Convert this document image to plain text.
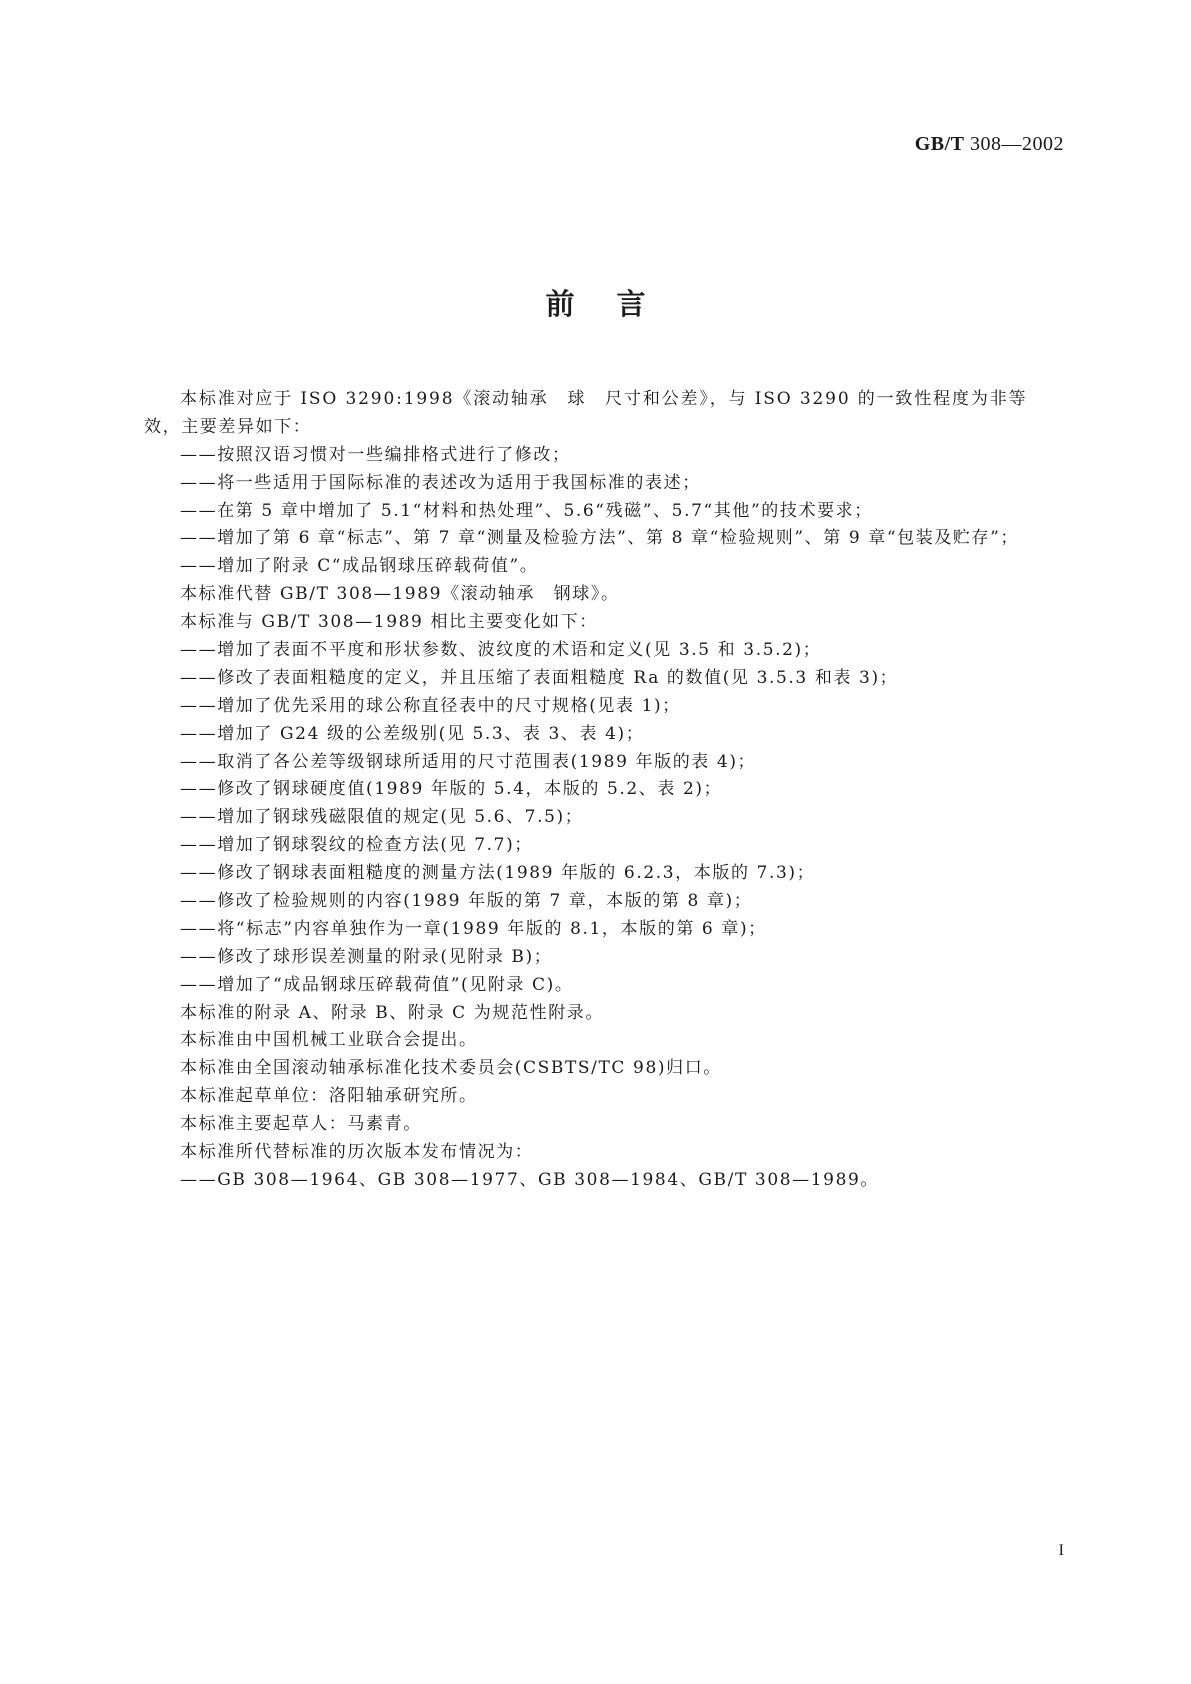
GB/T 308—2002
前言

本标准对应于 ISO 3290:1998《滚动轴承　球　尺寸和公差》，与 ISO 3290 的一致性程度为非等

效，主要差异如下：

——按照汉语习惯对一些编排格式进行了修改；

——将一些适用于国际标准的表述改为适用于我国标准的表述；

——在第 5 章中增加了 5.1“材料和热处理”、5.6“残磁”、5.7“其他”的技术要求；

——增加了第 6 章“标志”、第 7 章“测量及检验方法”、第 8 章“检验规则”、第 9 章“包装及贮存”；

——增加了附录 C“成品钢球压碎载荷值”。

本标准代替 GB/T 308—1989《滚动轴承　钢球》。

本标准与 GB/T 308—1989 相比主要变化如下：

——增加了表面不平度和形状参数、波纹度的术语和定义(见 3.5 和 3.5.2)；

——修改了表面粗糙度的定义，并且压缩了表面粗糙度 Ra 的数值(见 3.5.3 和表 3)；

——增加了优先采用的球公称直径表中的尺寸规格(见表 1)；

——增加了 G24 级的公差级别(见 5.3、表 3、表 4)；

——取消了各公差等级钢球所适用的尺寸范围表(1989 年版的表 4)；

——修改了钢球硬度值(1989 年版的 5.4，本版的 5.2、表 2)；

——增加了钢球残磁限值的规定(见 5.6、7.5)；

——增加了钢球裂纹的检查方法(见 7.7)；

——修改了钢球表面粗糙度的测量方法(1989 年版的 6.2.3，本版的 7.3)；

——修改了检验规则的内容(1989 年版的第 7 章，本版的第 8 章)；

——将“标志”内容单独作为一章(1989 年版的 8.1，本版的第 6 章)；

——修改了球形误差测量的附录(见附录 B)；

——增加了“成品钢球压碎载荷值”(见附录 C)。

本标准的附录 A、附录 B、附录 C 为规范性附录。

本标准由中国机械工业联合会提出。

本标准由全国滚动轴承标准化技术委员会(CSBTS/TC 98)归口。

本标准起草单位：洛阳轴承研究所。

本标准主要起草人：马素青。

本标准所代替标准的历次版本发布情况为：

——GB 308—1964、GB 308—1977、GB 308—1984、GB/T 308—1989。

I
